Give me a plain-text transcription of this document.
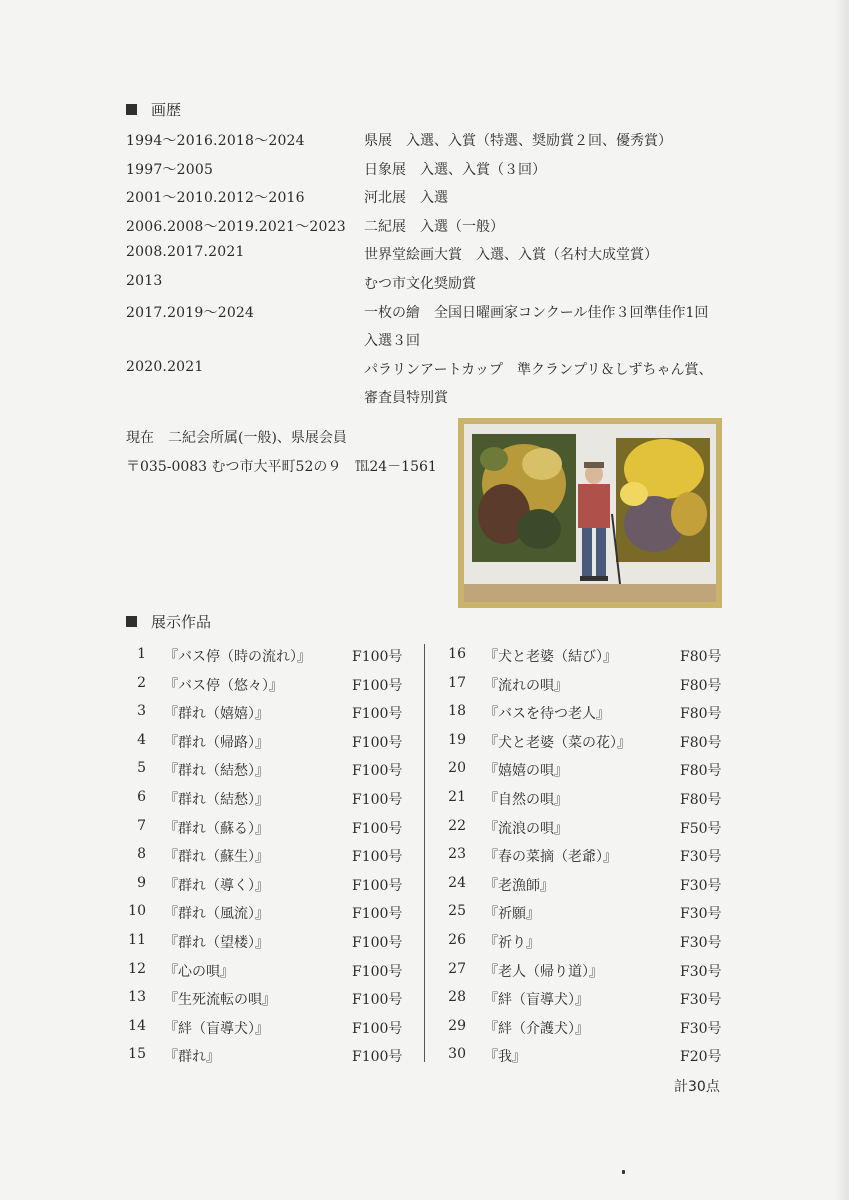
画歴
1994～2016.2018～2024	県展　入選、入賞（特選、奨励賞２回、優秀賞）
1997～2005	日象展　入選、入賞（３回）
2001～2010.2012～2016	河北展　入選
2006.2008～2019.2021～2023 二紀展　入選（一般）
2008.2017.2021	世界堂絵画大賞　入選、入賞（名村大成堂賞）
2013	むつ市文化奨励賞
2017.2019～2024	一枚の繪　全国日曜画家コンクール佳作３回準佳作1回
入選３回
2020.2021	パラリンアートカップ　準クランプリ＆しずちゃん賞、
審査員特別賞
現在　二紀会所属(一般)、県展会員
〒035-0083 むつ市大平町52の９　℡24－1561
展示作品
1 『バス停（時の流れ）』	F100号
2 『バス停（悠々）』	F100号
3 『群れ（嬉嬉）』	F100号
4 『群れ（帰路）』	F100号
5 『群れ（結愁）』	F100号
6 『群れ（結愁）』	F100号
7 『群れ（蘇る）』	F100号
8 『群れ（蘇生）』	F100号
9 『群れ（導く）』	F100号
10 『群れ（風流）』	F100号
11 『群れ（望楼）』	F100号
12 『心の唄』	F100号
13 『生死流転の唄』	F100号
14 『絆（盲導犬）』	F100号
15 『群れ』	F100号
16 『犬と老婆（結び）』	F80号
17 『流れの唄』	F80号
18 『バスを待つ老人』	F80号
19 『犬と老婆（菜の花）』	F80号
20 『嬉嬉の唄』	F80号
21 『自然の唄』	F80号
22 『流浪の唄』	F50号
23 『春の菜摘（老爺）』	F30号
24 『老漁師』	F30号
25 『祈願』	F30号
26 『祈り』	F30号
27 『老人（帰り道）』	F30号
28 『絆（盲導犬）』	F30号
29 『絆（介護犬）』	F30号
30 『我』	F20号
計30点
